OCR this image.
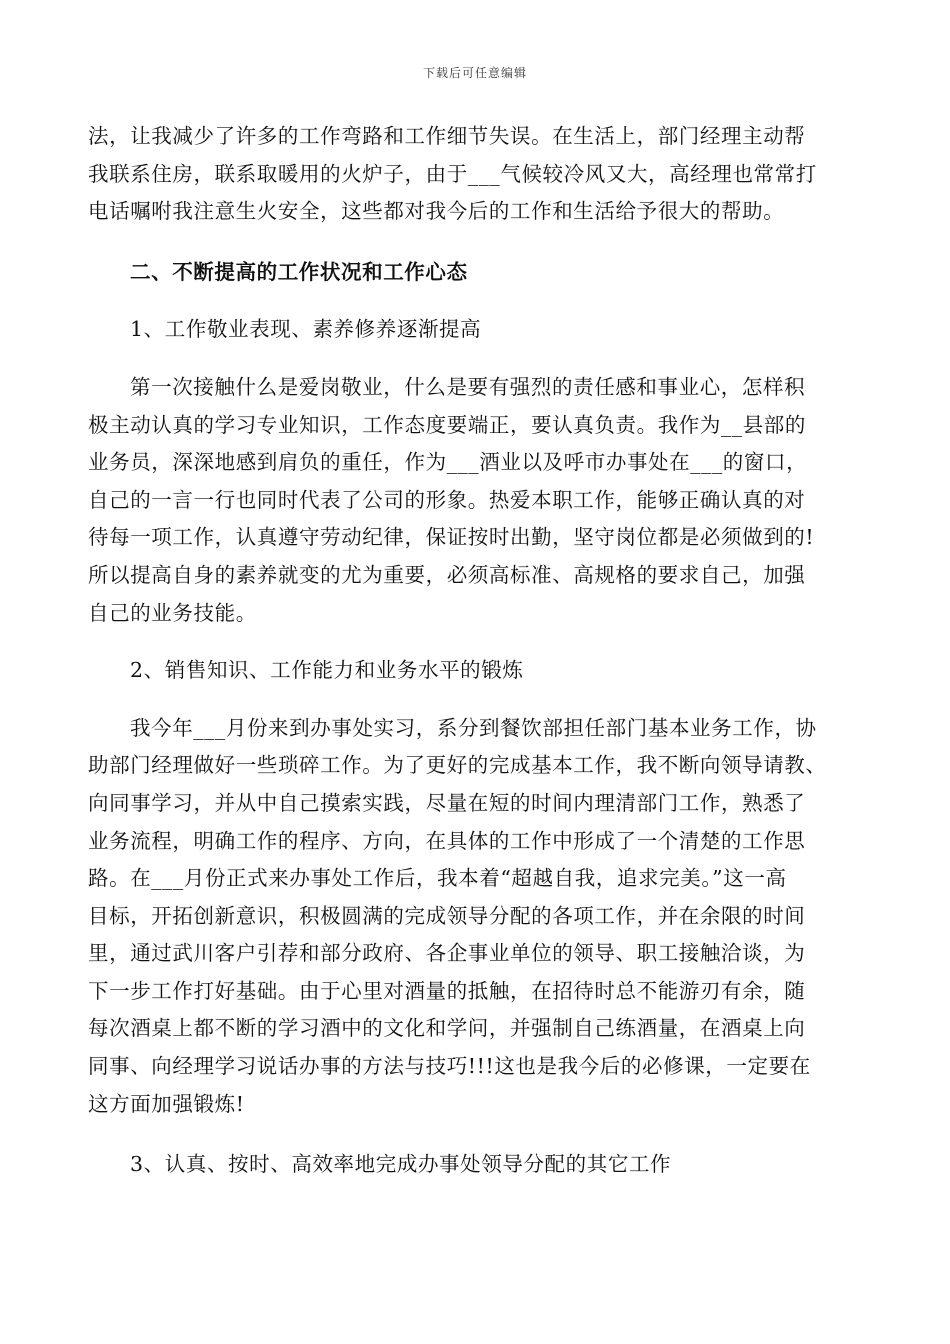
下载后可任意编辑
法，让我减少了许多的工作弯路和工作细节失误。在生活上，部门经理主动帮
我联系住房，联系取暖用的火炉子，由于___气候较冷风又大，高经理也常常打
电话嘱咐我注意生火安全，这些都对我今后的工作和生活给予很大的帮助。
二、不断提高的工作状况和工作心态
1、工作敬业表现、素养修养逐渐提高
第一次接触什么是爱岗敬业，什么是要有强烈的责任感和事业心，怎样积
极主动认真的学习专业知识，工作态度要端正，要认真负责。我作为__县部的
业务员，深深地感到肩负的重任，作为___酒业以及呼市办事处在___的窗口，
自己的一言一行也同时代表了公司的形象。热爱本职工作，能够正确认真的对
待每一项工作，认真遵守劳动纪律，保证按时出勤，坚守岗位都是必须做到的!
所以提高自身的素养就变的尤为重要，必须高标准、高规格的要求自己，加强
自己的业务技能。
2、销售知识、工作能力和业务水平的锻炼
我今年___月份来到办事处实习，系分到餐饮部担任部门基本业务工作，协
助部门经理做好一些琐碎工作。为了更好的完成基本工作，我不断向领导请教、
向同事学习，并从中自己摸索实践，尽量在短的时间内理清部门工作，熟悉了
业务流程，明确工作的程序、方向，在具体的工作中形成了一个清楚的工作思
路。在___月份正式来办事处工作后，我本着“超越自我，追求完美。”这一高
目标，开拓创新意识，积极圆满的完成领导分配的各项工作，并在余限的时间
里，通过武川客户引荐和部分政府、各企事业单位的领导、职工接触洽谈，为
下一步工作打好基础。由于心里对酒量的抵触，在招待时总不能游刃有余，随
每次酒桌上都不断的学习酒中的文化和学问，并强制自己练酒量，在酒桌上向
同事、向经理学习说话办事的方法与技巧!!!这也是我今后的必修课，一定要在
这方面加强锻炼!
3、认真、按时、高效率地完成办事处领导分配的其它工作
